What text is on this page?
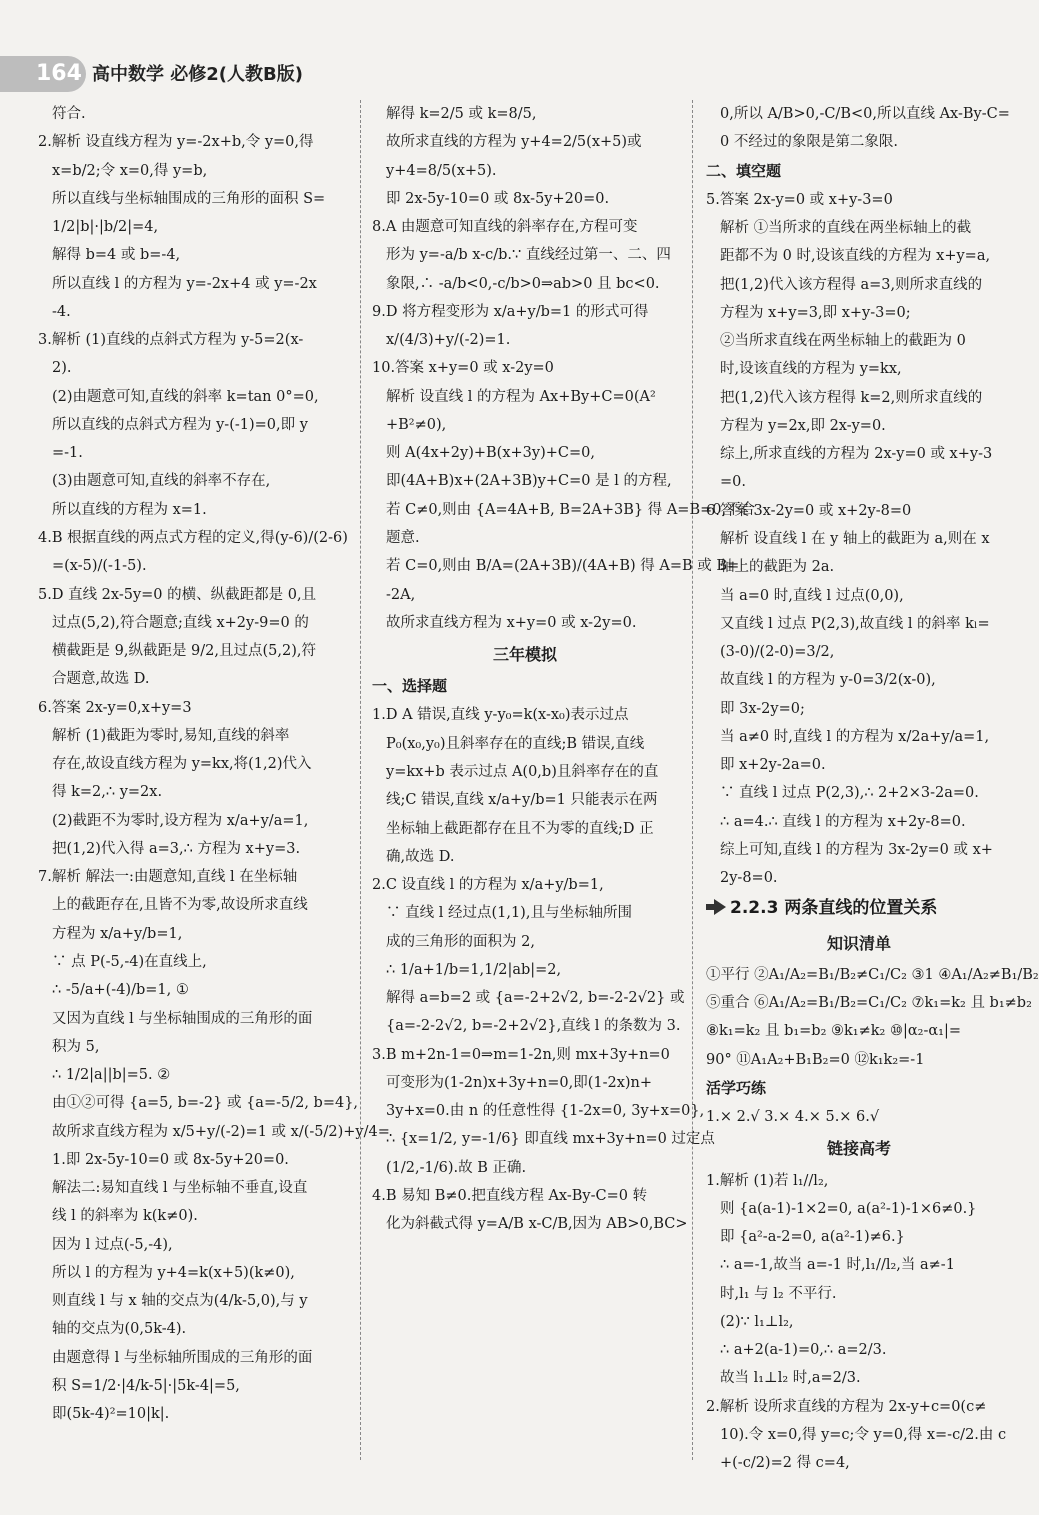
164 高中数学 必修2(人教B版)
符合.
2.解析 设直线方程为 y=-2x+b,令 y=0,得
x=b/2;令 x=0,得 y=b,
所以直线与坐标轴围成的三角形的面积 S=
1/2|b|·|b/2|=4,
解得 b=4 或 b=-4,
所以直线 l 的方程为 y=-2x+4 或 y=-2x
-4.
3.解析 (1)直线的点斜式方程为 y-5=2(x-
2).
(2)由题意可知,直线的斜率 k=tan 0°=0,
所以直线的点斜式方程为 y-(-1)=0,即 y
=-1.
(3)由题意可知,直线的斜率不存在,
所以直线的方程为 x=1.
4.B 根据直线的两点式方程的定义,得(y-6)/(2-6)
=(x-5)/(-1-5).
5.D 直线 2x-5y=0 的横、纵截距都是 0,且
过点(5,2),符合题意;直线 x+2y-9=0 的
横截距是 9,纵截距是 9/2,且过点(5,2),符
合题意,故选 D.
6.答案 2x-y=0,x+y=3
解析 (1)截距为零时,易知,直线的斜率
存在,故设直线方程为 y=kx,将(1,2)代入
得 k=2,∴ y=2x.
(2)截距不为零时,设方程为 x/a+y/a=1,
把(1,2)代入得 a=3,∴ 方程为 x+y=3.
7.解析 解法一:由题意知,直线 l 在坐标轴
上的截距存在,且皆不为零,故设所求直线
方程为 x/a+y/b=1,
∵ 点 P(-5,-4)在直线上,
∴ -5/a+(-4)/b=1, ①
又因为直线 l 与坐标轴围成的三角形的面
积为 5,
∴ 1/2|a||b|=5. ②
由①②可得 {a=5, b=-2} 或 {a=-5/2, b=4},
故所求直线方程为 x/5+y/(-2)=1 或 x/(-5/2)+y/4=
1.即 2x-5y-10=0 或 8x-5y+20=0.
解法二:易知直线 l 与坐标轴不垂直,设直
线 l 的斜率为 k(k≠0).
因为 l 过点(-5,-4),
所以 l 的方程为 y+4=k(x+5)(k≠0),
则直线 l 与 x 轴的交点为(4/k-5,0),与 y
轴的交点为(0,5k-4).
由题意得 l 与坐标轴所围成的三角形的面
积 S=1/2·|4/k-5|·|5k-4|=5,
即(5k-4)²=10|k|.
解得 k=2/5 或 k=8/5,
故所求直线的方程为 y+4=2/5(x+5)或
y+4=8/5(x+5).
即 2x-5y-10=0 或 8x-5y+20=0.
8.A 由题意可知直线的斜率存在,方程可变
形为 y=-a/b x-c/b.∵ 直线经过第一、二、四
象限,∴ -a/b<0,-c/b>0⇒ab>0 且 bc<0.
9.D 将方程变形为 x/a+y/b=1 的形式可得
x/(4/3)+y/(-2)=1.
10.答案 x+y=0 或 x-2y=0
解析 设直线 l 的方程为 Ax+By+C=0(A²
+B²≠0),
则 A(4x+2y)+B(x+3y)+C=0,
即(4A+B)x+(2A+3B)y+C=0 是 l 的方程,
若 C≠0,则由 {A=4A+B, B=2A+3B} 得 A=B=0,不合
题意.
若 C=0,则由 B/A=(2A+3B)/(4A+B) 得 A=B 或 B=
-2A,
故所求直线方程为 x+y=0 或 x-2y=0.
三年模拟
一、选择题
1.D A 错误,直线 y-y₀=k(x-x₀)表示过点
P₀(x₀,y₀)且斜率存在的直线;B 错误,直线
y=kx+b 表示过点 A(0,b)且斜率存在的直
线;C 错误,直线 x/a+y/b=1 只能表示在两
坐标轴上截距都存在且不为零的直线;D 正
确,故选 D.
2.C 设直线 l 的方程为 x/a+y/b=1,
∵ 直线 l 经过点(1,1),且与坐标轴所围
成的三角形的面积为 2,
∴ 1/a+1/b=1,1/2|ab|=2,
解得 a=b=2 或 {a=-2+2√2, b=-2-2√2} 或
{a=-2-2√2, b=-2+2√2},直线 l 的条数为 3.
3.B m+2n-1=0⇒m=1-2n,则 mx+3y+n=0
可变形为(1-2n)x+3y+n=0,即(1-2x)n+
3y+x=0.由 n 的任意性得 {1-2x=0, 3y+x=0},
∴ {x=1/2, y=-1/6} 即直线 mx+3y+n=0 过定点
(1/2,-1/6).故 B 正确.
4.B 易知 B≠0.把直线方程 Ax-By-C=0 转
化为斜截式得 y=A/B x-C/B,因为 AB>0,BC>
0,所以 A/B>0,-C/B<0,所以直线 Ax-By-C=
0 不经过的象限是第二象限.
二、填空题
5.答案 2x-y=0 或 x+y-3=0
解析 ①当所求的直线在两坐标轴上的截
距都不为 0 时,设该直线的方程为 x+y=a,
把(1,2)代入该方程得 a=3,则所求直线的
方程为 x+y=3,即 x+y-3=0;
②当所求直线在两坐标轴上的截距为 0
时,设该直线的方程为 y=kx,
把(1,2)代入该方程得 k=2,则所求直线的
方程为 y=2x,即 2x-y=0.
综上,所求直线的方程为 2x-y=0 或 x+y-3
=0.
6.答案 3x-2y=0 或 x+2y-8=0
解析 设直线 l 在 y 轴上的截距为 a,则在 x
轴上的截距为 2a.
当 a=0 时,直线 l 过点(0,0),
又直线 l 过点 P(2,3),故直线 l 的斜率 kₗ=
(3-0)/(2-0)=3/2,
故直线 l 的方程为 y-0=3/2(x-0),
即 3x-2y=0;
当 a≠0 时,直线 l 的方程为 x/2a+y/a=1,
即 x+2y-2a=0.
∵ 直线 l 过点 P(2,3),∴ 2+2×3-2a=0.
∴ a=4.∴ 直线 l 的方程为 x+2y-8=0.
综上可知,直线 l 的方程为 3x-2y=0 或 x+
2y-8=0.
2.2.3 两条直线的位置关系
知识清单
①平行 ②A₁/A₂=B₁/B₂≠C₁/C₂ ③1 ④A₁/A₂≠B₁/B₂
⑤重合 ⑥A₁/A₂=B₁/B₂=C₁/C₂ ⑦k₁=k₂ 且 b₁≠b₂
⑧k₁=k₂ 且 b₁=b₂ ⑨k₁≠k₂ ⑩|α₂-α₁|=
90° ⑪A₁A₂+B₁B₂=0 ⑫k₁k₂=-1
活学巧练
1.× 2.√ 3.× 4.× 5.× 6.√
链接高考
1.解析 (1)若 l₁//l₂,
则 {a(a-1)-1×2=0, a(a²-1)-1×6≠0.}
即 {a²-a-2=0, a(a²-1)≠6.}
∴ a=-1,故当 a=-1 时,l₁//l₂,当 a≠-1
时,l₁ 与 l₂ 不平行.
(2)∵ l₁⊥l₂,
∴ a+2(a-1)=0,∴ a=2/3.
故当 l₁⊥l₂ 时,a=2/3.
2.解析 设所求直线的方程为 2x-y+c=0(c≠
10).令 x=0,得 y=c;令 y=0,得 x=-c/2.由 c
+(-c/2)=2 得 c=4,
